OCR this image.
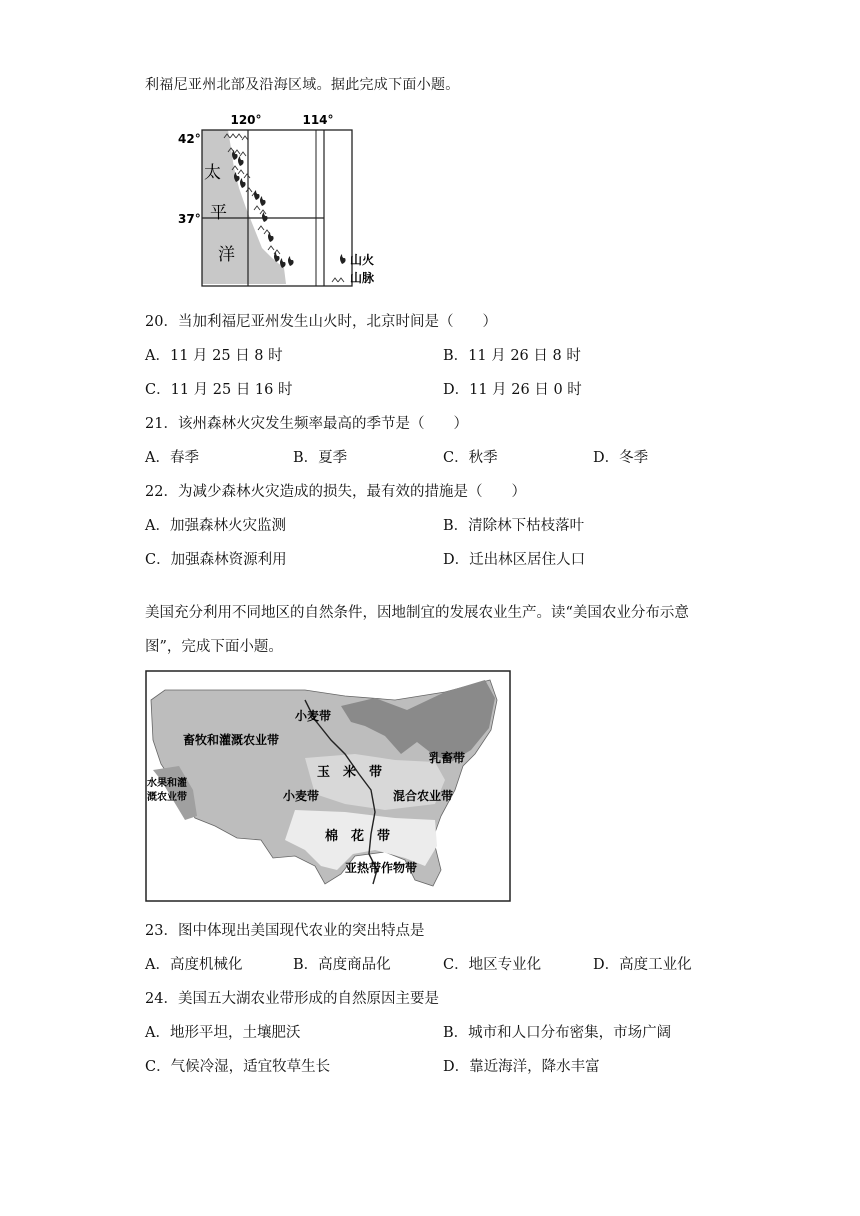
利福尼亚州北部及沿海区域。据此完成下面小题。
120°	114°
42°
37°
太
平
洋	山火
山脉
20．当加利福尼亚州发生山火时，北京时间是（　　）
A．11 月 25 日 8 时	B．11 月 26 日 8 时
C．11 月 25 日 16 时	D．11 月 26 日 0 时
21．该州森林火灾发生频率最高的季节是（　　）
A．春季	B．夏季	C．秋季	D．冬季
22．为减少森林火灾造成的损失，最有效的措施是（　　）
A．加强森林火灾监测	B．清除林下枯枝落叶
C．加强森林资源利用	D．迁出林区居住人口
美国充分利用不同地区的自然条件，因地制宜的发展农业生产。读“美国农业分布示意图”，完成下面小题。
小麦带
畜牧和灌溉农业带
水果和灌
溉农业带
玉　米　带
乳畜带
小麦带	混合农业带
棉　花　带
亚热带作物带
23．图中体现出美国现代农业的突出特点是
A．高度机械化	B．高度商品化	C．地区专业化	D．高度工业化
24．美国五大湖农业带形成的自然原因主要是
A．地形平坦，土壤肥沃	B．城市和人口分布密集，市场广阔
C．气候冷湿，适宜牧草生长	D．靠近海洋，降水丰富
